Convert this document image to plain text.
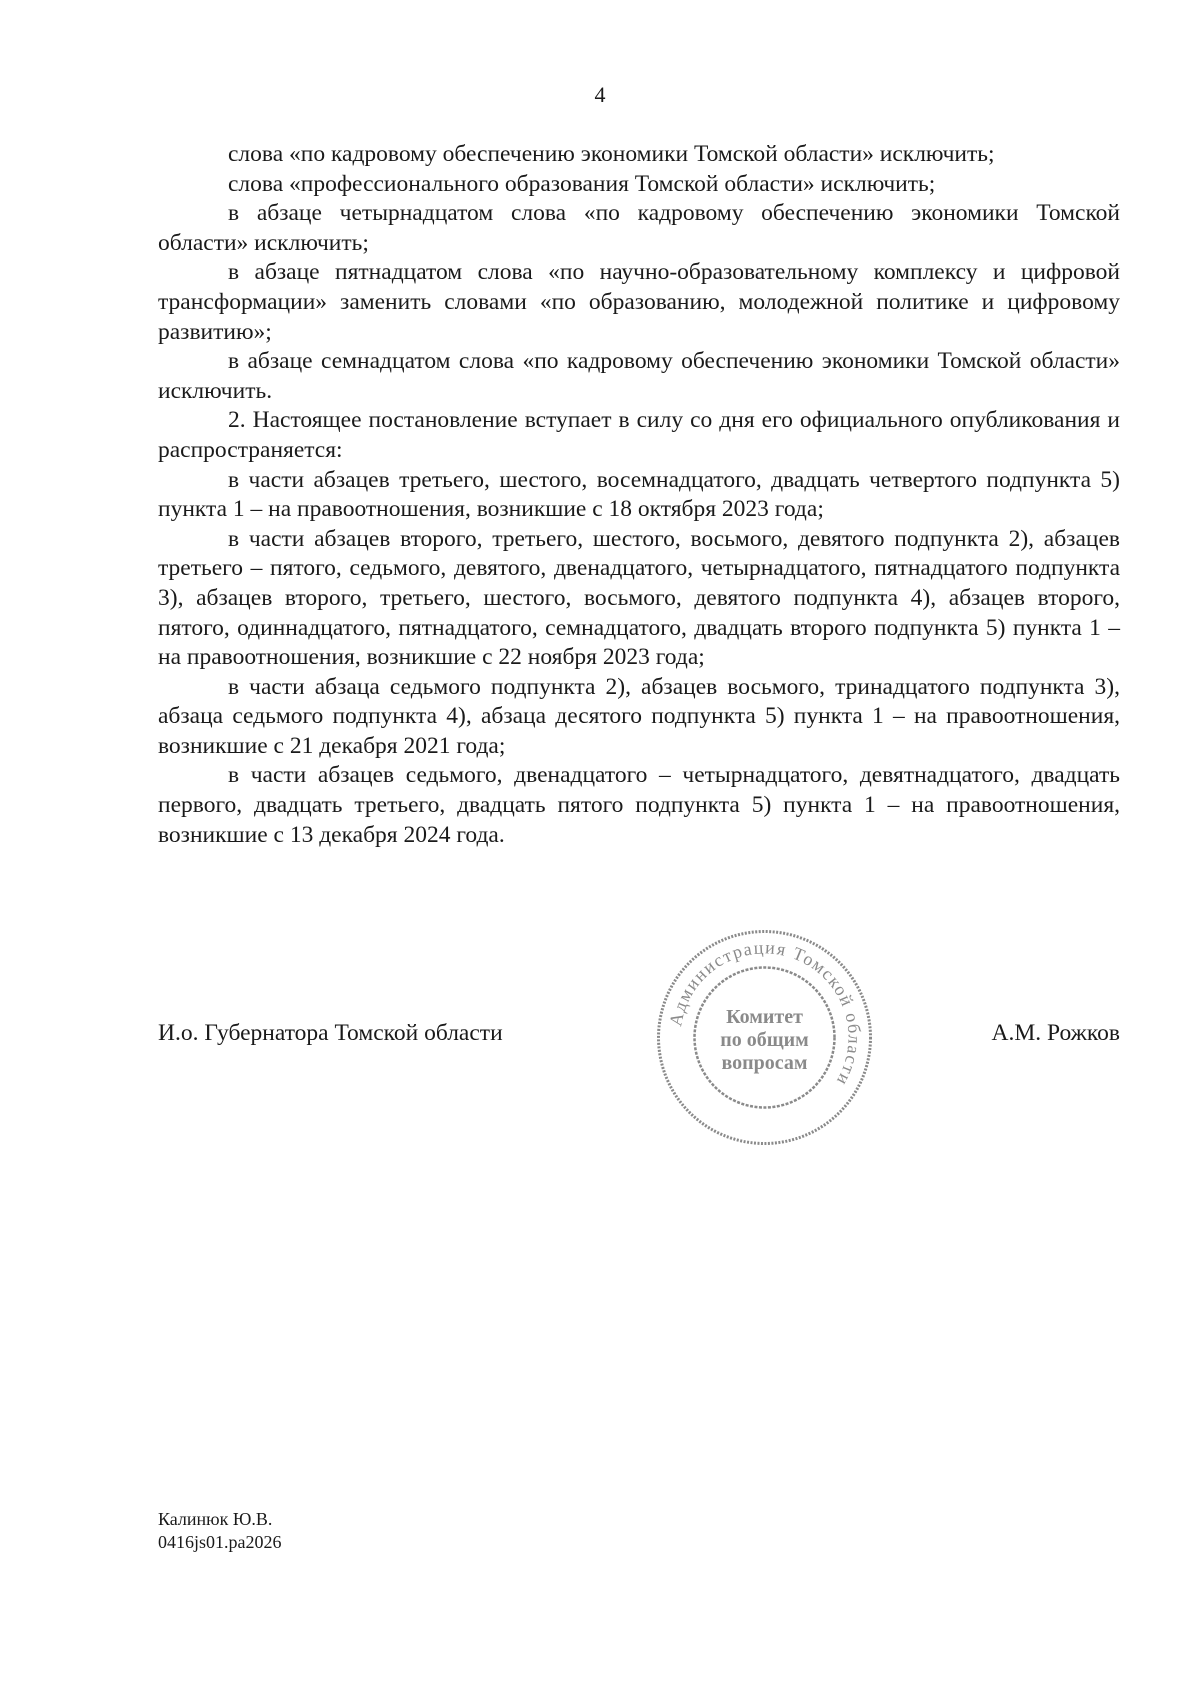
4

слова «по кадровому обеспечению экономики Томской области» исключить;

слова «профессионального образования Томской области» исключить;

в абзаце четырнадцатом слова «по кадровому обеспечению экономики Томской области» исключить;

в абзаце пятнадцатом слова «по научно-образовательному комплексу и цифровой трансформации» заменить словами «по образованию, молодежной политике и цифровому развитию»;

в абзаце семнадцатом слова «по кадровому обеспечению экономики Томской области» исключить.

2. Настоящее постановление вступает в силу со дня его официального опубликования и распространяется:

в части абзацев третьего, шестого, восемнадцатого, двадцать четвертого подпункта 5) пункта 1 – на правоотношения, возникшие с 18 октября 2023 года;

в части абзацев второго, третьего, шестого, восьмого, девятого подпункта 2), абзацев третьего – пятого, седьмого, девятого, двенадцатого, четырнадцатого, пятнадцатого подпункта 3), абзацев второго, третьего, шестого, восьмого, девятого подпункта 4), абзацев второго, пятого, одиннадцатого, пятнадцатого, семнадцатого, двадцать второго подпункта 5) пункта 1 – на правоотношения, возникшие с 22 ноября 2023 года;

в части абзаца седьмого подпункта 2), абзацев восьмого, тринадцатого подпункта 3), абзаца седьмого подпункта 4), абзаца десятого подпункта 5) пункта 1 – на правоотношения, возникшие с 21 декабря 2021 года;

в части абзацев седьмого, двенадцатого – четырнадцатого, девятнадцатого, двадцать первого, двадцать третьего, двадцать пятого подпункта 5) пункта 1 – на правоотношения, возникшие с 13 декабря 2024 года.

И.о. Губернатора Томской области	А.М. Рожков
Администрация Томской области
Комитет
по общим
вопросам
Калинюк Ю.В.
0416js01.ра2026
